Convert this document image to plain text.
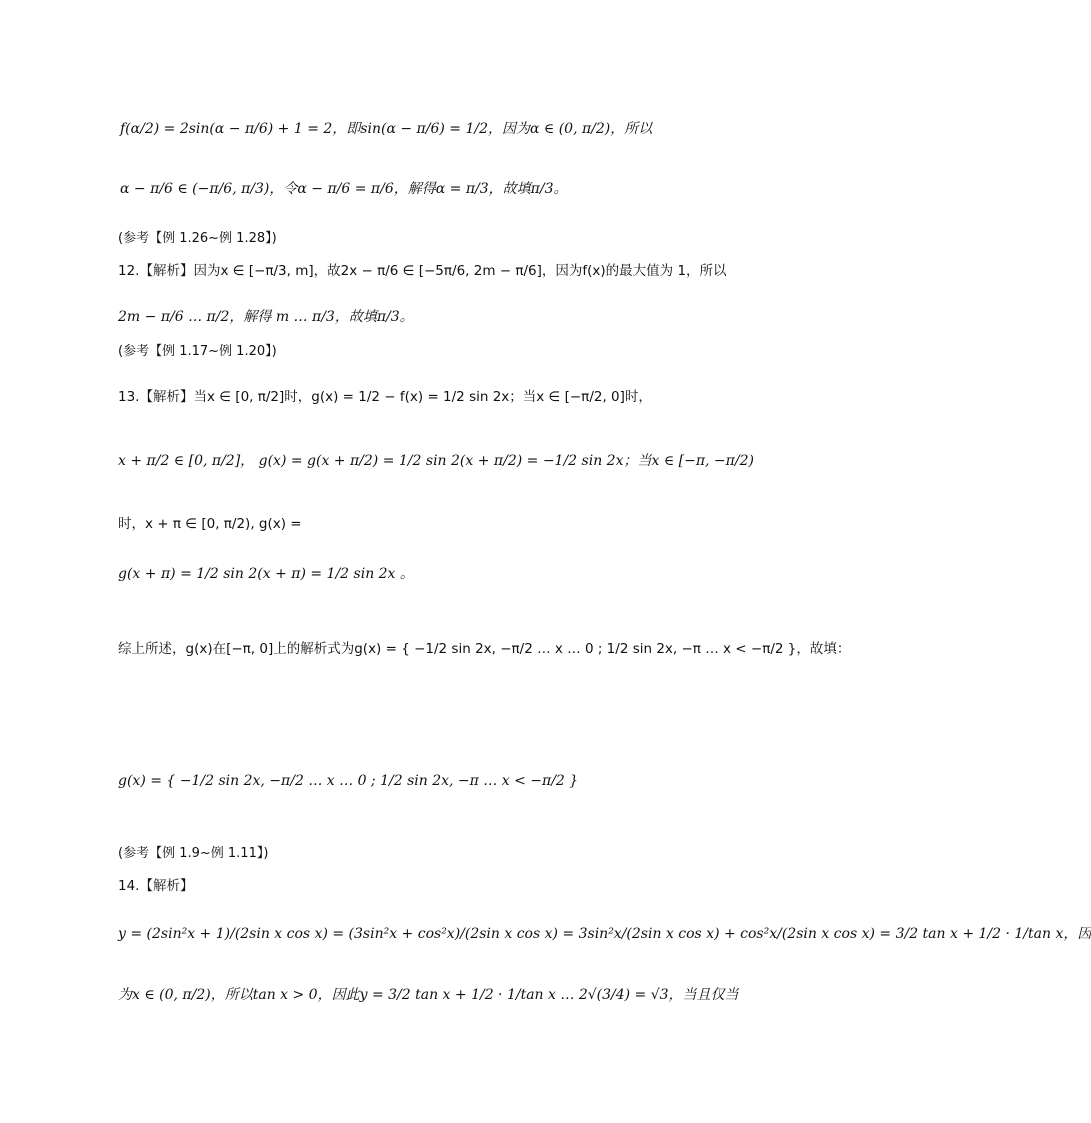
f(α/2) = 2sin(α − π/6) + 1 = 2，即sin(α − π/6) = 1/2，因为α ∈ (0, π/2)，所以
α − π/6 ∈ (−π/6, π/3)，令α − π/6 = π/6，解得α = π/3，故填π/3。
(参考【例 1.26~例 1.28】)
12.【解析】因为x ∈ [−π/3, m]，故2x − π/6 ∈ [−5π/6, 2m − π/6]，因为f(x)的最大值为 1，所以
2m − π/6 … π/2，解得 m … π/3，故填π/3。
(参考【例 1.17~例 1.20】)
13.【解析】当x ∈ [0, π/2]时，g(x) = 1/2 − f(x) = 1/2 sin 2x；当x ∈ [−π/2, 0]时，
x + π/2 ∈ [0, π/2]， g(x) = g(x + π/2) = 1/2 sin 2(x + π/2) = −1/2 sin 2x；当x ∈ [−π, −π/2)
时，x + π ∈ [0, π/2), g(x) =
g(x + π) = 1/2 sin 2(x + π) = 1/2 sin 2x 。
综上所述，g(x)在[−π, 0]上的解析式为g(x) = { −1/2 sin 2x, −π/2 … x … 0 ; 1/2 sin 2x, −π … x < −π/2 }，故填：
g(x) = { −1/2 sin 2x, −π/2 … x … 0 ; 1/2 sin 2x, −π … x < −π/2 }
(参考【例 1.9~例 1.11】)
14.【解析】
y = (2sin²x + 1)/(2sin x cos x) = (3sin²x + cos²x)/(2sin x cos x) = 3sin²x/(2sin x cos x) + cos²x/(2sin x cos x) = 3/2 tan x + 1/2 · 1/tan x，因
为x ∈ (0, π/2)，所以tan x > 0，因此y = 3/2 tan x + 1/2 · 1/tan x … 2√(3/4) = √3，当且仅当
